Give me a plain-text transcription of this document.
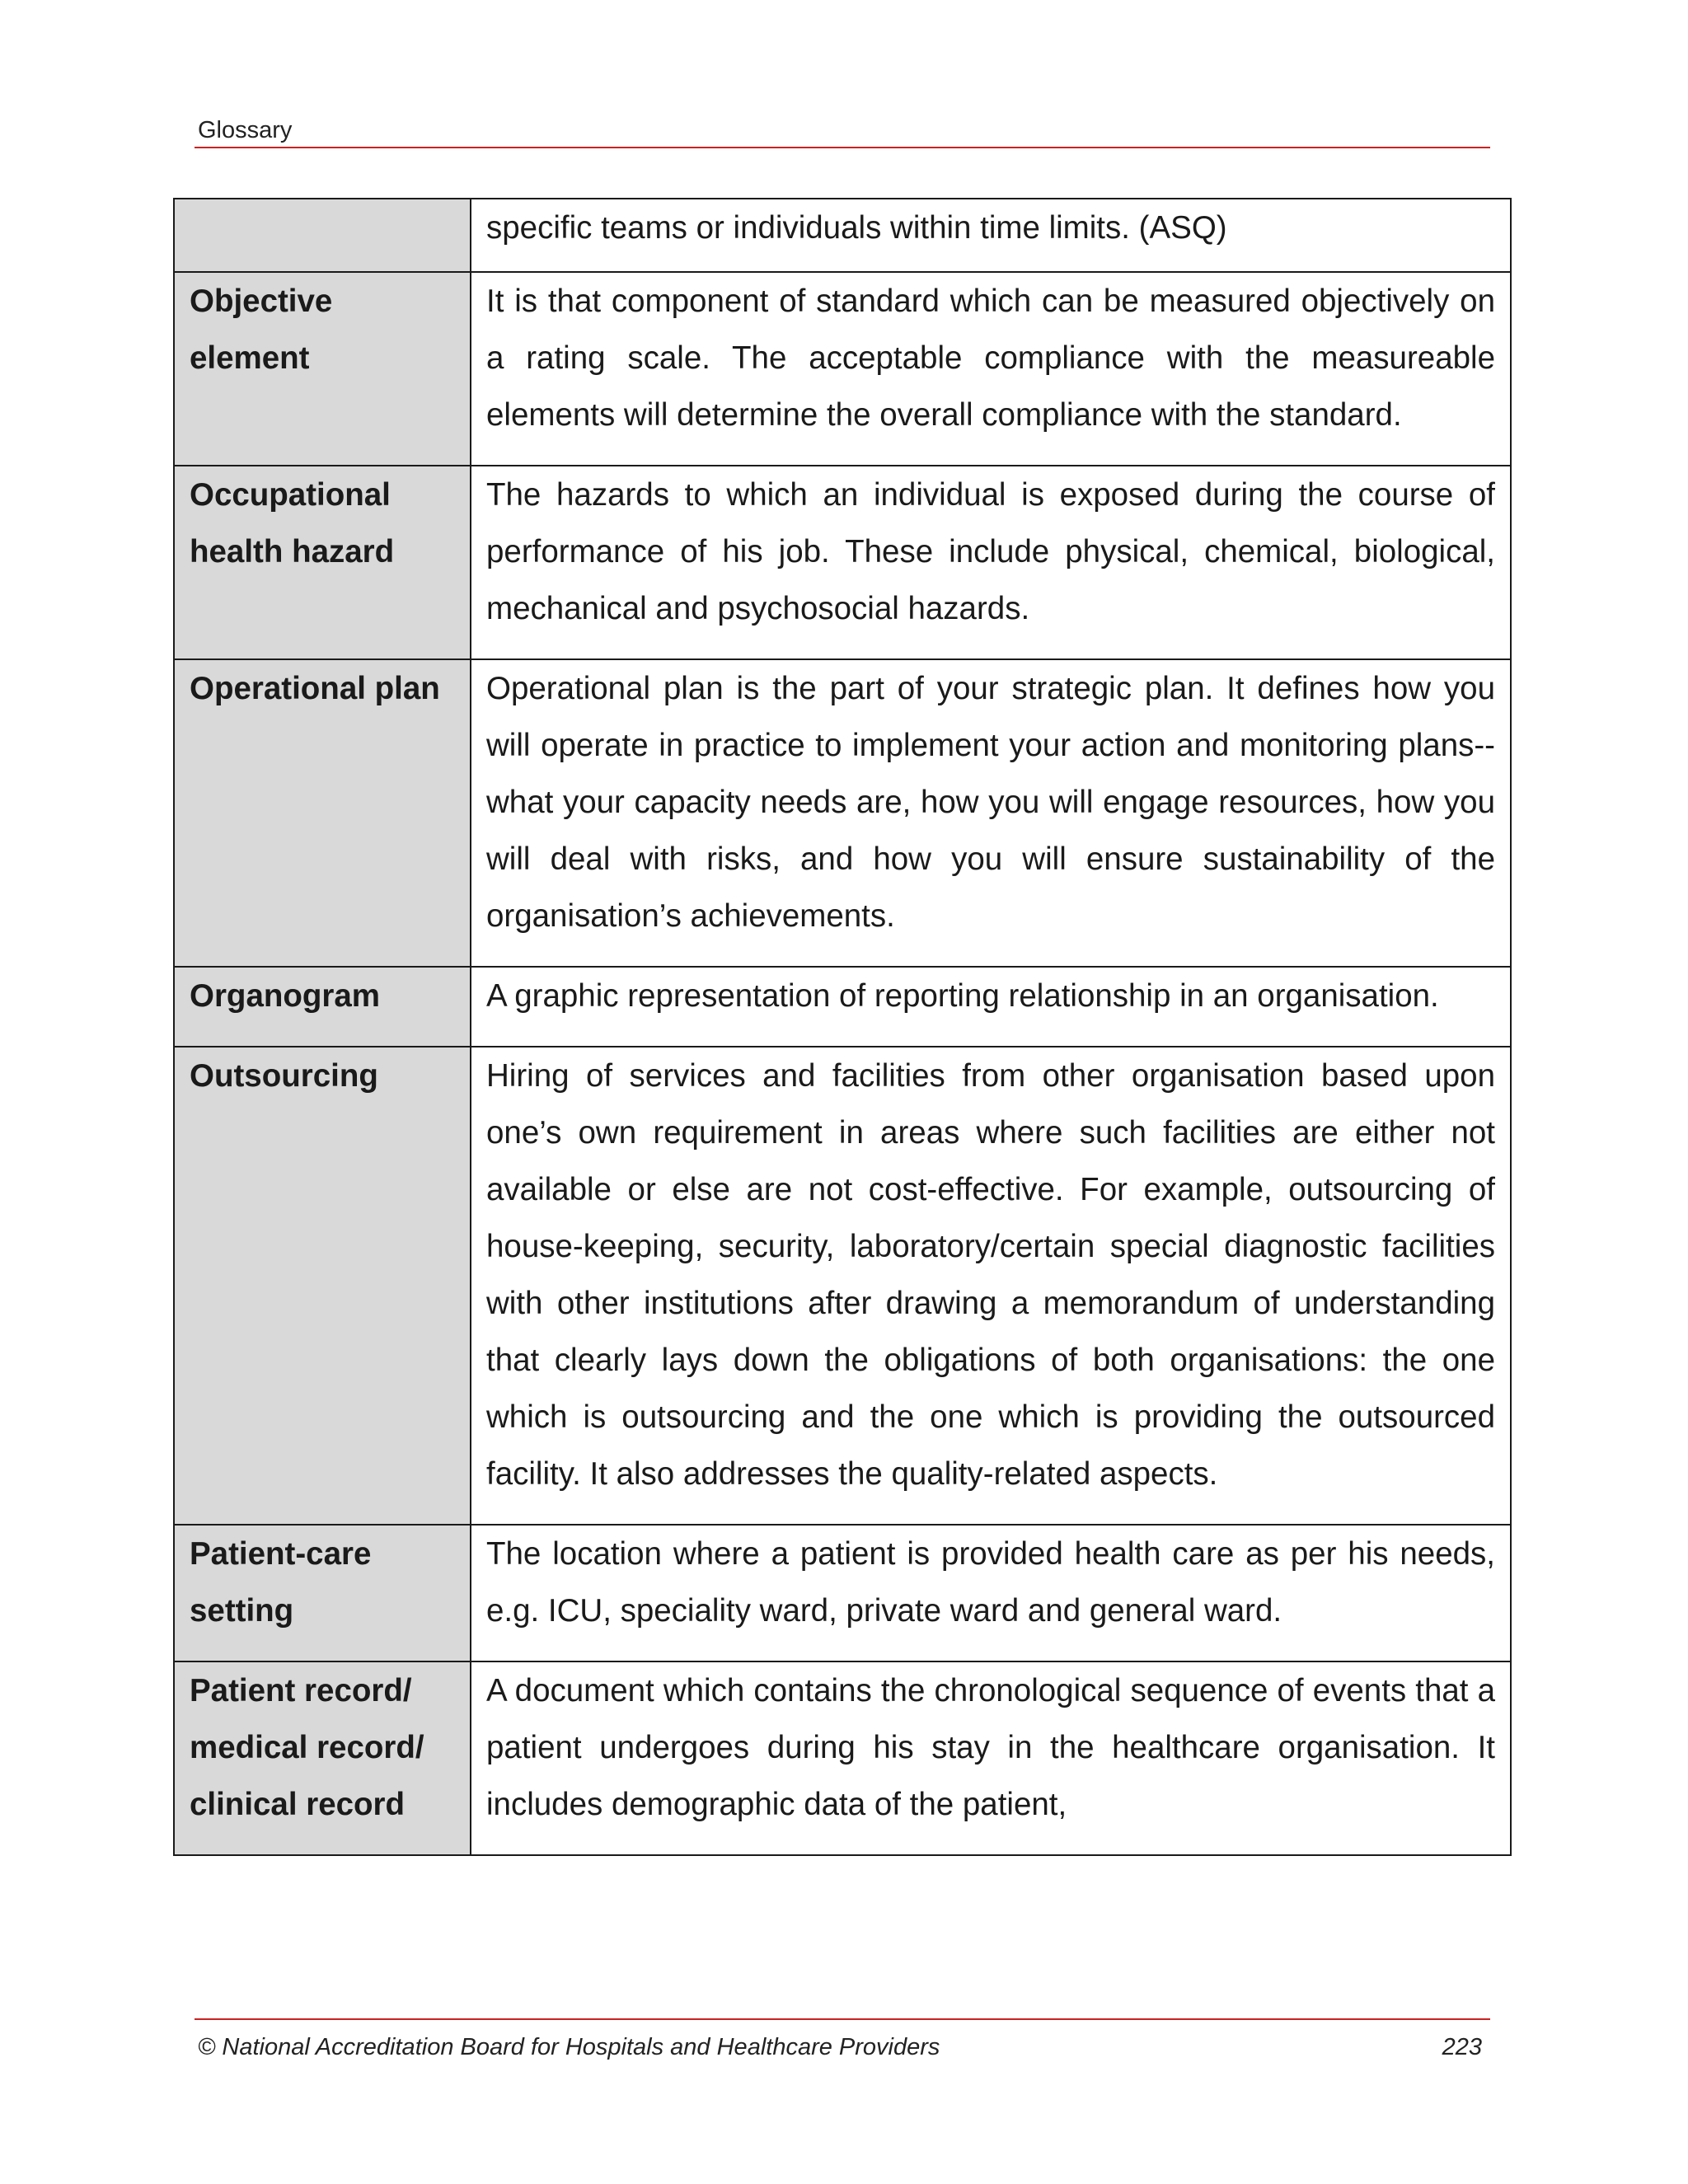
Glossary
	specific teams or individuals within time limits. (ASQ)
Objective element	It is that component of standard which can be measured objectively on a rating scale. The acceptable compliance with the measureable elements will determine the overall compliance with the standard.
Occupational health hazard	The hazards to which an individual is exposed during the course of performance of his job. These include physical, chemical, biological, mechanical and psychosocial hazards.
Operational plan	Operational plan is the part of your strategic plan. It defines how you will operate in practice to implement your action and monitoring plans--what your capacity needs are, how you will engage resources, how you will deal with risks, and how you will ensure sustainability of the organisation’s achievements.
Organogram	A graphic representation of reporting relationship in an organisation.
Outsourcing	Hiring of services and facilities from other organisation based upon one’s own requirement in areas where such facilities are either not available or else are not cost-effective. For example, outsourcing of house-keeping, security, laboratory/certain special diagnostic facilities with other institutions after drawing a memorandum of understanding that clearly lays down the obligations of both organisations: the one which is outsourcing and the one which is providing the outsourced facility. It also addresses the quality-related aspects.
Patient-care setting	The location where a patient is provided health care as per his needs, e.g. ICU, speciality ward, private ward and general ward.
Patient record/ medical record/ clinical record	A document which contains the chronological sequence of events that a patient undergoes during his stay in the healthcare organisation. It includes demographic data of the patient,
© National Accreditation Board for Hospitals and Healthcare Providers	223
